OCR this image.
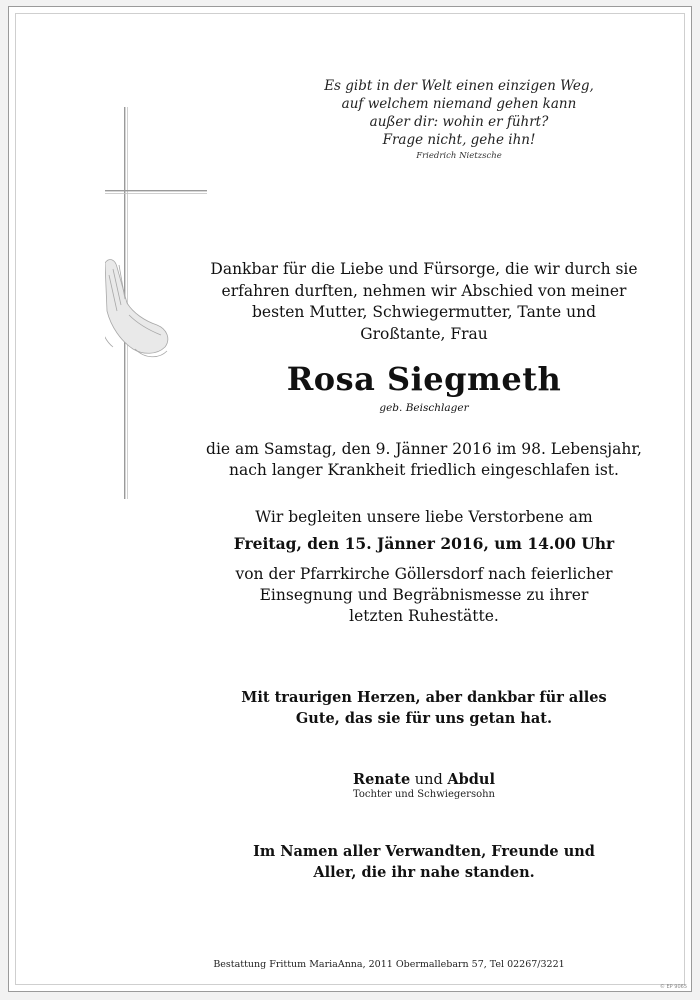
Es gibt in der Welt einen einzigen Weg,
auf welchem niemand gehen kann
außer dir: wohin er führt?
Frage nicht, gehe ihn!
Friedrich Nietzsche
Dankbar für die Liebe und Fürsorge, die wir durch sie
erfahren durften, nehmen wir Abschied von meiner
besten Mutter, Schwiegermutter, Tante und
Großtante, Frau
Rosa Siegmeth
geb. Beischlager
die am Samstag, den 9. Jänner 2016 im 98. Lebensjahr,
nach langer Krankheit friedlich eingeschlafen ist.
Wir begleiten unsere liebe Verstorbene am
Freitag, den 15. Jänner 2016, um 14.00 Uhr
von der Pfarrkirche Göllersdorf nach feierlicher
Einsegnung und Begräbnismesse zu ihrer
letzten Ruhestätte.
Mit traurigen Herzen, aber dankbar für alles
Gute, das sie für uns getan hat.
Renate und Abdul
Tochter und Schwiegersohn
Im Namen aller Verwandten, Freunde und
Aller, die ihr nahe standen.
Bestattung Frittum MariaAnna, 2011 Obermallebarn 57, Tel 02267/3221
© EP 9065
